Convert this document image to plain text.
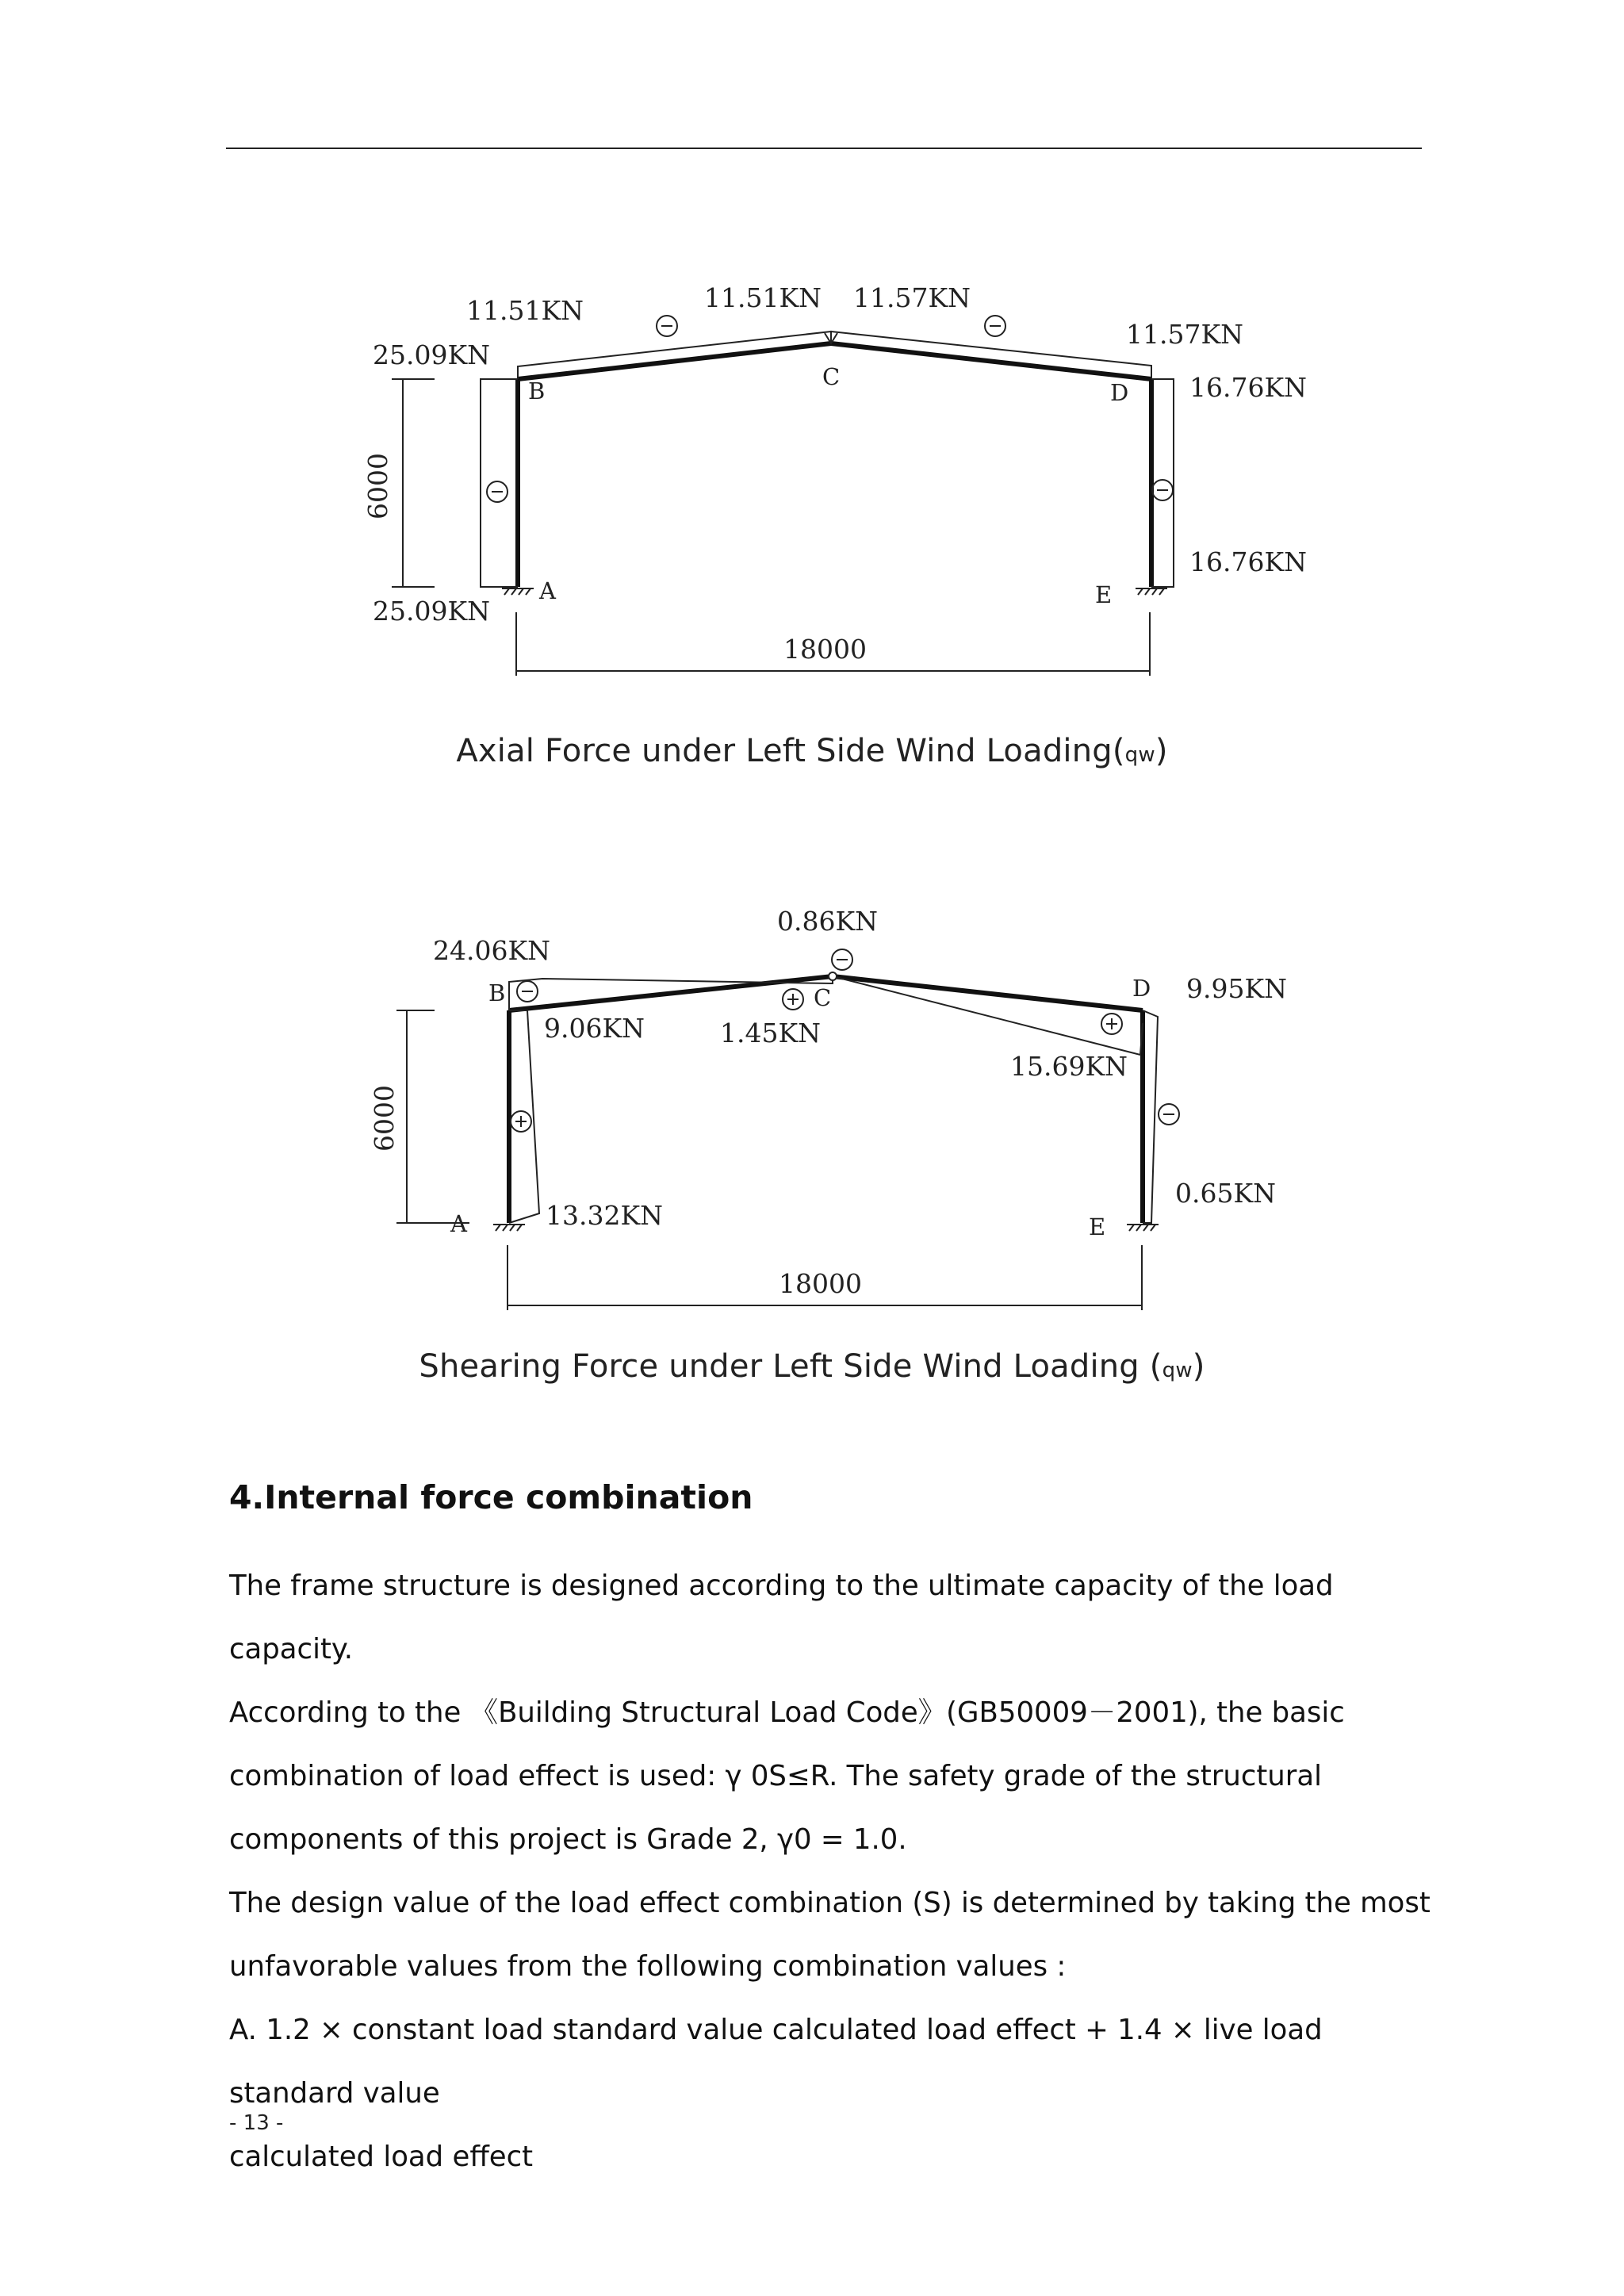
11.51KN	11.51KN 11.57KN
11.57KN
25.09KN
25.09KN
16.76KN
16.76KN
6000
18000
B
C
D
A	E
Axial Force under Left Side Wind Loading(qw)
24.06KN
0.86KN
9.06KN	1.45KN
9.95KN
15.69KN
13.32KN
0.65KN
6000
18000
B	C	D
A	E
Shearing Force under Left Side Wind Loading (qw)
4.Internal force combination

The frame structure is designed according to the ultimate capacity of the load capacity.

According to the 《Building Structural Load Code》(GB50009－2001), the basic

combination of load effect is used: γ 0S≤R. The safety grade of the structural

components of this project is Grade 2, γ0 = 1.0.

The design value of the load effect combination (S) is determined by taking the most

unfavorable values from the following combination values :

A. 1.2 × constant load standard value calculated load effect + 1.4 × live load standard value

calculated load effect

- 13 -
